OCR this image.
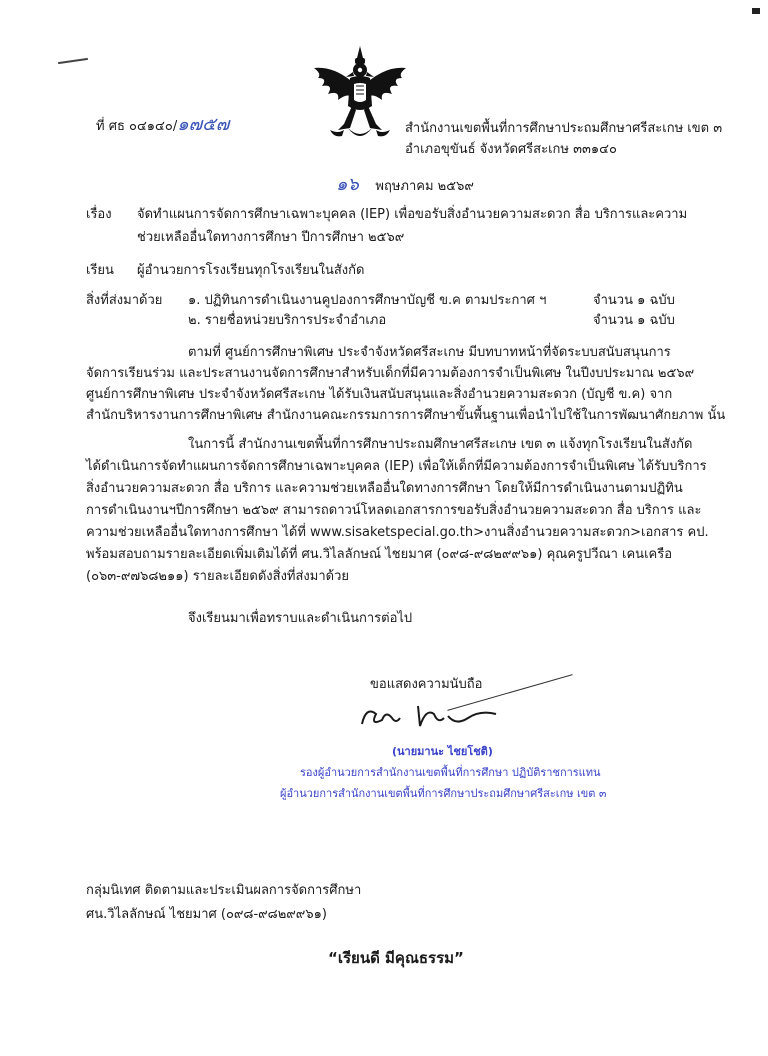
ที่ ศธ ๐๔๑๔๐/๑๗๕๗	สำนักงานเขตพื้นที่การศึกษาประถมศึกษาศรีสะเกษ เขต ๓
อำเภอขุขันธ์ จังหวัดศรีสะเกษ ๓๓๑๔๐
๑๖ พฤษภาคม ๒๕๖๙
เรื่อง จัดทำแผนการจัดการศึกษาเฉพาะบุคคล (IEP) เพื่อขอรับสิ่งอำนวยความสะดวก สื่อ บริการและความ
ช่วยเหลืออื่นใดทางการศึกษา ปีการศึกษา ๒๕๖๙
เรียน ผู้อำนวยการโรงเรียนทุกโรงเรียนในสังกัด
สิ่งที่ส่งมาด้วย ๑. ปฏิทินการดำเนินงานคูปองการศึกษาบัญชี ข.ค ตามประกาศ ฯ	จำนวน ๑ ฉบับ
๒. รายชื่อหน่วยบริการประจำอำเภอ	จำนวน ๑ ฉบับ
ตามที่ ศูนย์การศึกษาพิเศษ ประจำจังหวัดศรีสะเกษ มีบทบาทหน้าที่จัดระบบสนับสนุนการ
จัดการเรียนร่วม และประสานงานจัดการศึกษาสำหรับเด็กที่มีความต้องการจำเป็นพิเศษ ในปีงบประมาณ ๒๕๖๙
ศูนย์การศึกษาพิเศษ ประจำจังหวัดศรีสะเกษ ได้รับเงินสนับสนุนและสิ่งอำนวยความสะดวก (บัญชี ข.ค) จาก
สำนักบริหารงานการศึกษาพิเศษ สำนักงานคณะกรรมการการศึกษาขั้นพื้นฐานเพื่อนำไปใช้ในการพัฒนาศักยภาพ นั้น
ในการนี้ สำนักงานเขตพื้นที่การศึกษาประถมศึกษาศรีสะเกษ เขต ๓ แจ้งทุกโรงเรียนในสังกัด
ได้ดำเนินการจัดทำแผนการจัดการศึกษาเฉพาะบุคคล (IEP) เพื่อให้เด็กที่มีความต้องการจำเป็นพิเศษ ได้รับบริการ
สิ่งอำนวยความสะดวก สื่อ บริการ และความช่วยเหลืออื่นใดทางการศึกษา โดยให้มีการดำเนินงานตามปฏิทิน
การดำเนินงานฯปีการศึกษา ๒๕๖๙ สามารถดาวน์โหลดเอกสารการขอรับสิ่งอำนวยความสะดวก สื่อ บริการ และ
ความช่วยเหลืออื่นใดทางการศึกษา ได้ที่ www.sisaketspecial.go.th>งานสิ่งอำนวยความสะดวก>เอกสาร คป.
พร้อมสอบถามรายละเอียดเพิ่มเติมได้ที่ ศน.วิไลลักษณ์ ไชยมาศ (๐๙๘-๙๘๒๙๙๖๑) คุณครูปวีณา เคนเครือ
(๐๖๓-๙๗๖๘๒๑๑) รายละเอียดดังสิ่งที่ส่งมาด้วย
จึงเรียนมาเพื่อทราบและดำเนินการต่อไป
ขอแสดงความนับถือ
(นายมานะ ไชยโชติ)
รองผู้อำนวยการสำนักงานเขตพื้นที่การศึกษา ปฏิบัติราชการแทน
ผู้อำนวยการสำนักงานเขตพื้นที่การศึกษาประถมศึกษาศรีสะเกษ เขต ๓
กลุ่มนิเทศ ติดตามและประเมินผลการจัดการศึกษา
ศน.วิไลลักษณ์ ไชยมาศ (๐๙๘-๙๘๒๙๙๖๑)
“เรียนดี มีคุณธรรม”
